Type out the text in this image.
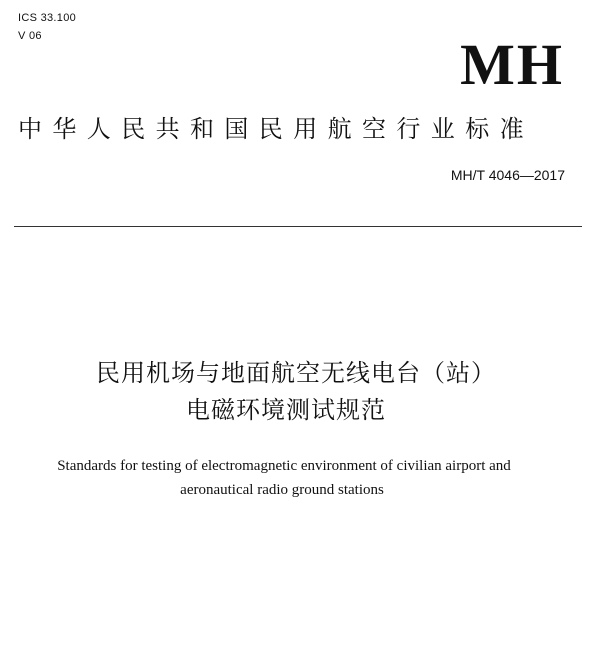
ICS 33.100
V 06	MH
中华人民共和国民用航空行业标准
MH/T 4046—2017
民用机场与地面航空无线电台（站）
电磁环境测试规范
Standards for testing of electromagnetic environment of civilian airport and
aeronautical radio ground stations
